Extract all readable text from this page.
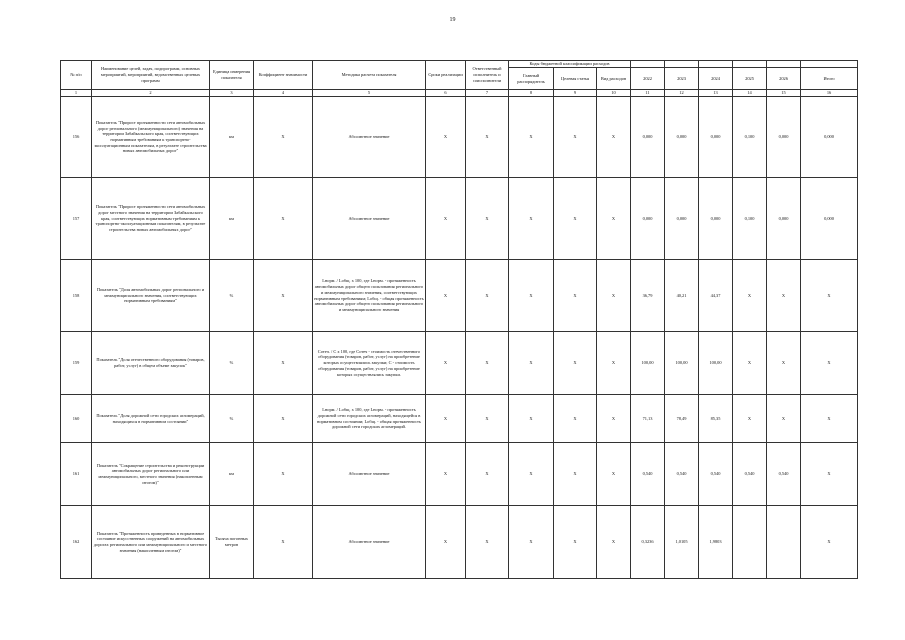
19
№ п/п	Наименование целей, задач, подпрограмм, основных мероприятий, мероприятий, ведомственных целевых программ	Единица измерения показателя	Коэффициент значимости	Методика расчета показателя	Сроки реализации	Ответственный исполнитель и соисполнители	Коды бюджетной классификации расходов								
							Главный распорядитель	Целевая статья	Вид расходов	2022	2023	2024	2025	2026	Итого
1	2	3	4	5	6	7	8	9	10	11	12	13	14	15	16
156	Показатель "Прирост протяженности сети автомобильных дорог регионального (межмуниципального) значения на территории Забайкальского края, соответствующих нормативным требованиям к транспортно-эксплуатационным показателям, в результате строительства новых автомобильных дорог"	км	Х	Абсолютное значение	Х	Х	Х	Х	Х	0,000	0,000	0,000	0,100	0,000	0,000
157	Показатель "Прирост протяженности сети автомобильных дорог местного значения на территории Забайкальского края, соответствующих нормативным требованиям к транспортно-эксплуатационным показателям, в результате строительства новых автомобильных дорог"	км	Х	Абсолютное значение	Х	Х	Х	Х	Х	0,000	0,000	0,000	0,100	0,000	0,000
158	Показатель "Доля автомобильных дорог регионального и межмуниципального значения, соответствующих нормативным требованиям"	%	Х	Lнорм. / Lобщ. х 100, где Lнорм. - протяженность автомобильных дорог общего пользования регионального и межмуниципального значения, соответствующих нормативным требованиям; Lобщ. - общая протяженность автомобильных дорог общего пользования регионального и межмуниципального значения	Х	Х	Х	Х	Х	36,79	40,21	44,37	Х	Х	Х
159	Показатель "Доля отечественного оборудования (товаров, работ, услуг) в общем объеме закупок"	%	Х	Сотеч. / С х 100, где Сотеч - стоимость отечественного оборудования (товаров, работ, услуг) на приобретение которых осуществлялись закупки; С - стоимость оборудования (товаров, работ, услуг) на приобретение которых осуществлялись закупки.	Х	Х	Х	Х	Х	100,00	100,00	100,00	Х	Х	Х
160	Показатель "Доля дорожной сети городских агломераций, находящихся в нормативном состоянии"	%	Х	Lнорм. / Lобщ. х 100, где Lнорм. - протяженность дорожной сети городских агломераций, находящейся в нормативном состоянии; Lобщ. - общая протяженность дорожной сети городских агломераций.	Х	Х	Х	Х	Х	71,13	78,49	85,35	Х	Х	Х
161	Показатель "Сокращение строительства и реконструкции автомобильных дорог регионального или межмуниципального, местного значения (накопленным итогом)"	км	Х	Абсолютное значение	Х	Х	Х	Х	Х	0,540	0,540	0,540	0,540	0,540	Х
162	Показатель "Протяженность приведенных в нормативное состояние искусственных сооружений на автомобильных дорогах регионального или межмуниципального и местного значения (накопленным итогом)"	Тысяча погонных метров	Х	Абсолютное значение	Х	Х	Х	Х	Х	0,3236	1,0105	1,9803			Х
